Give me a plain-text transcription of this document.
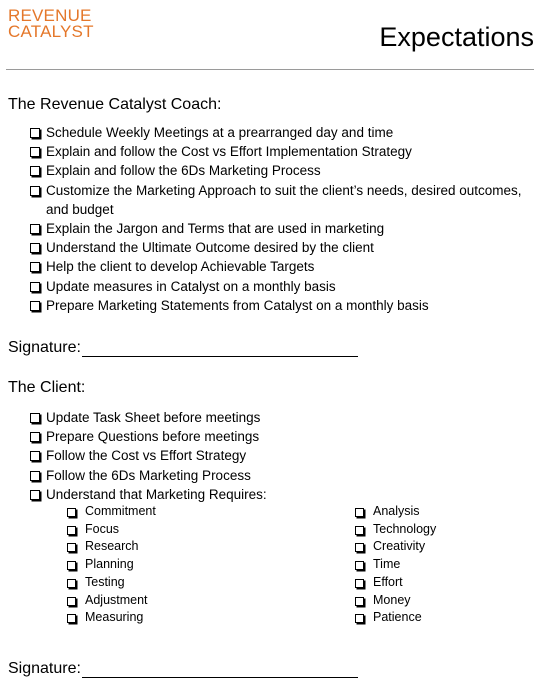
REVENUE
CATALYST	Expectations
The Revenue Catalyst Coach:
Schedule Weekly Meetings at a prearranged day and time
Explain and follow the Cost vs Effort Implementation Strategy
Explain and follow the 6Ds Marketing Process
Customize the Marketing Approach to suit the client’s needs, desired outcomes, and budget
Explain the Jargon and Terms that are used in marketing
Understand the Ultimate Outcome desired by the client
Help the client to develop Achievable Targets
Update measures in Catalyst on a monthly basis
Prepare Marketing Statements from Catalyst on a monthly basis
Signature:
The Client:
Update Task Sheet before meetings
Prepare Questions before meetings
Follow the Cost vs Effort Strategy
Follow the 6Ds Marketing Process
Understand that Marketing Requires:
Commitment
Focus
Research
Planning
Testing
Adjustment
Measuring
Analysis
Technology
Creativity
Time
Effort
Money
Patience
Signature:
